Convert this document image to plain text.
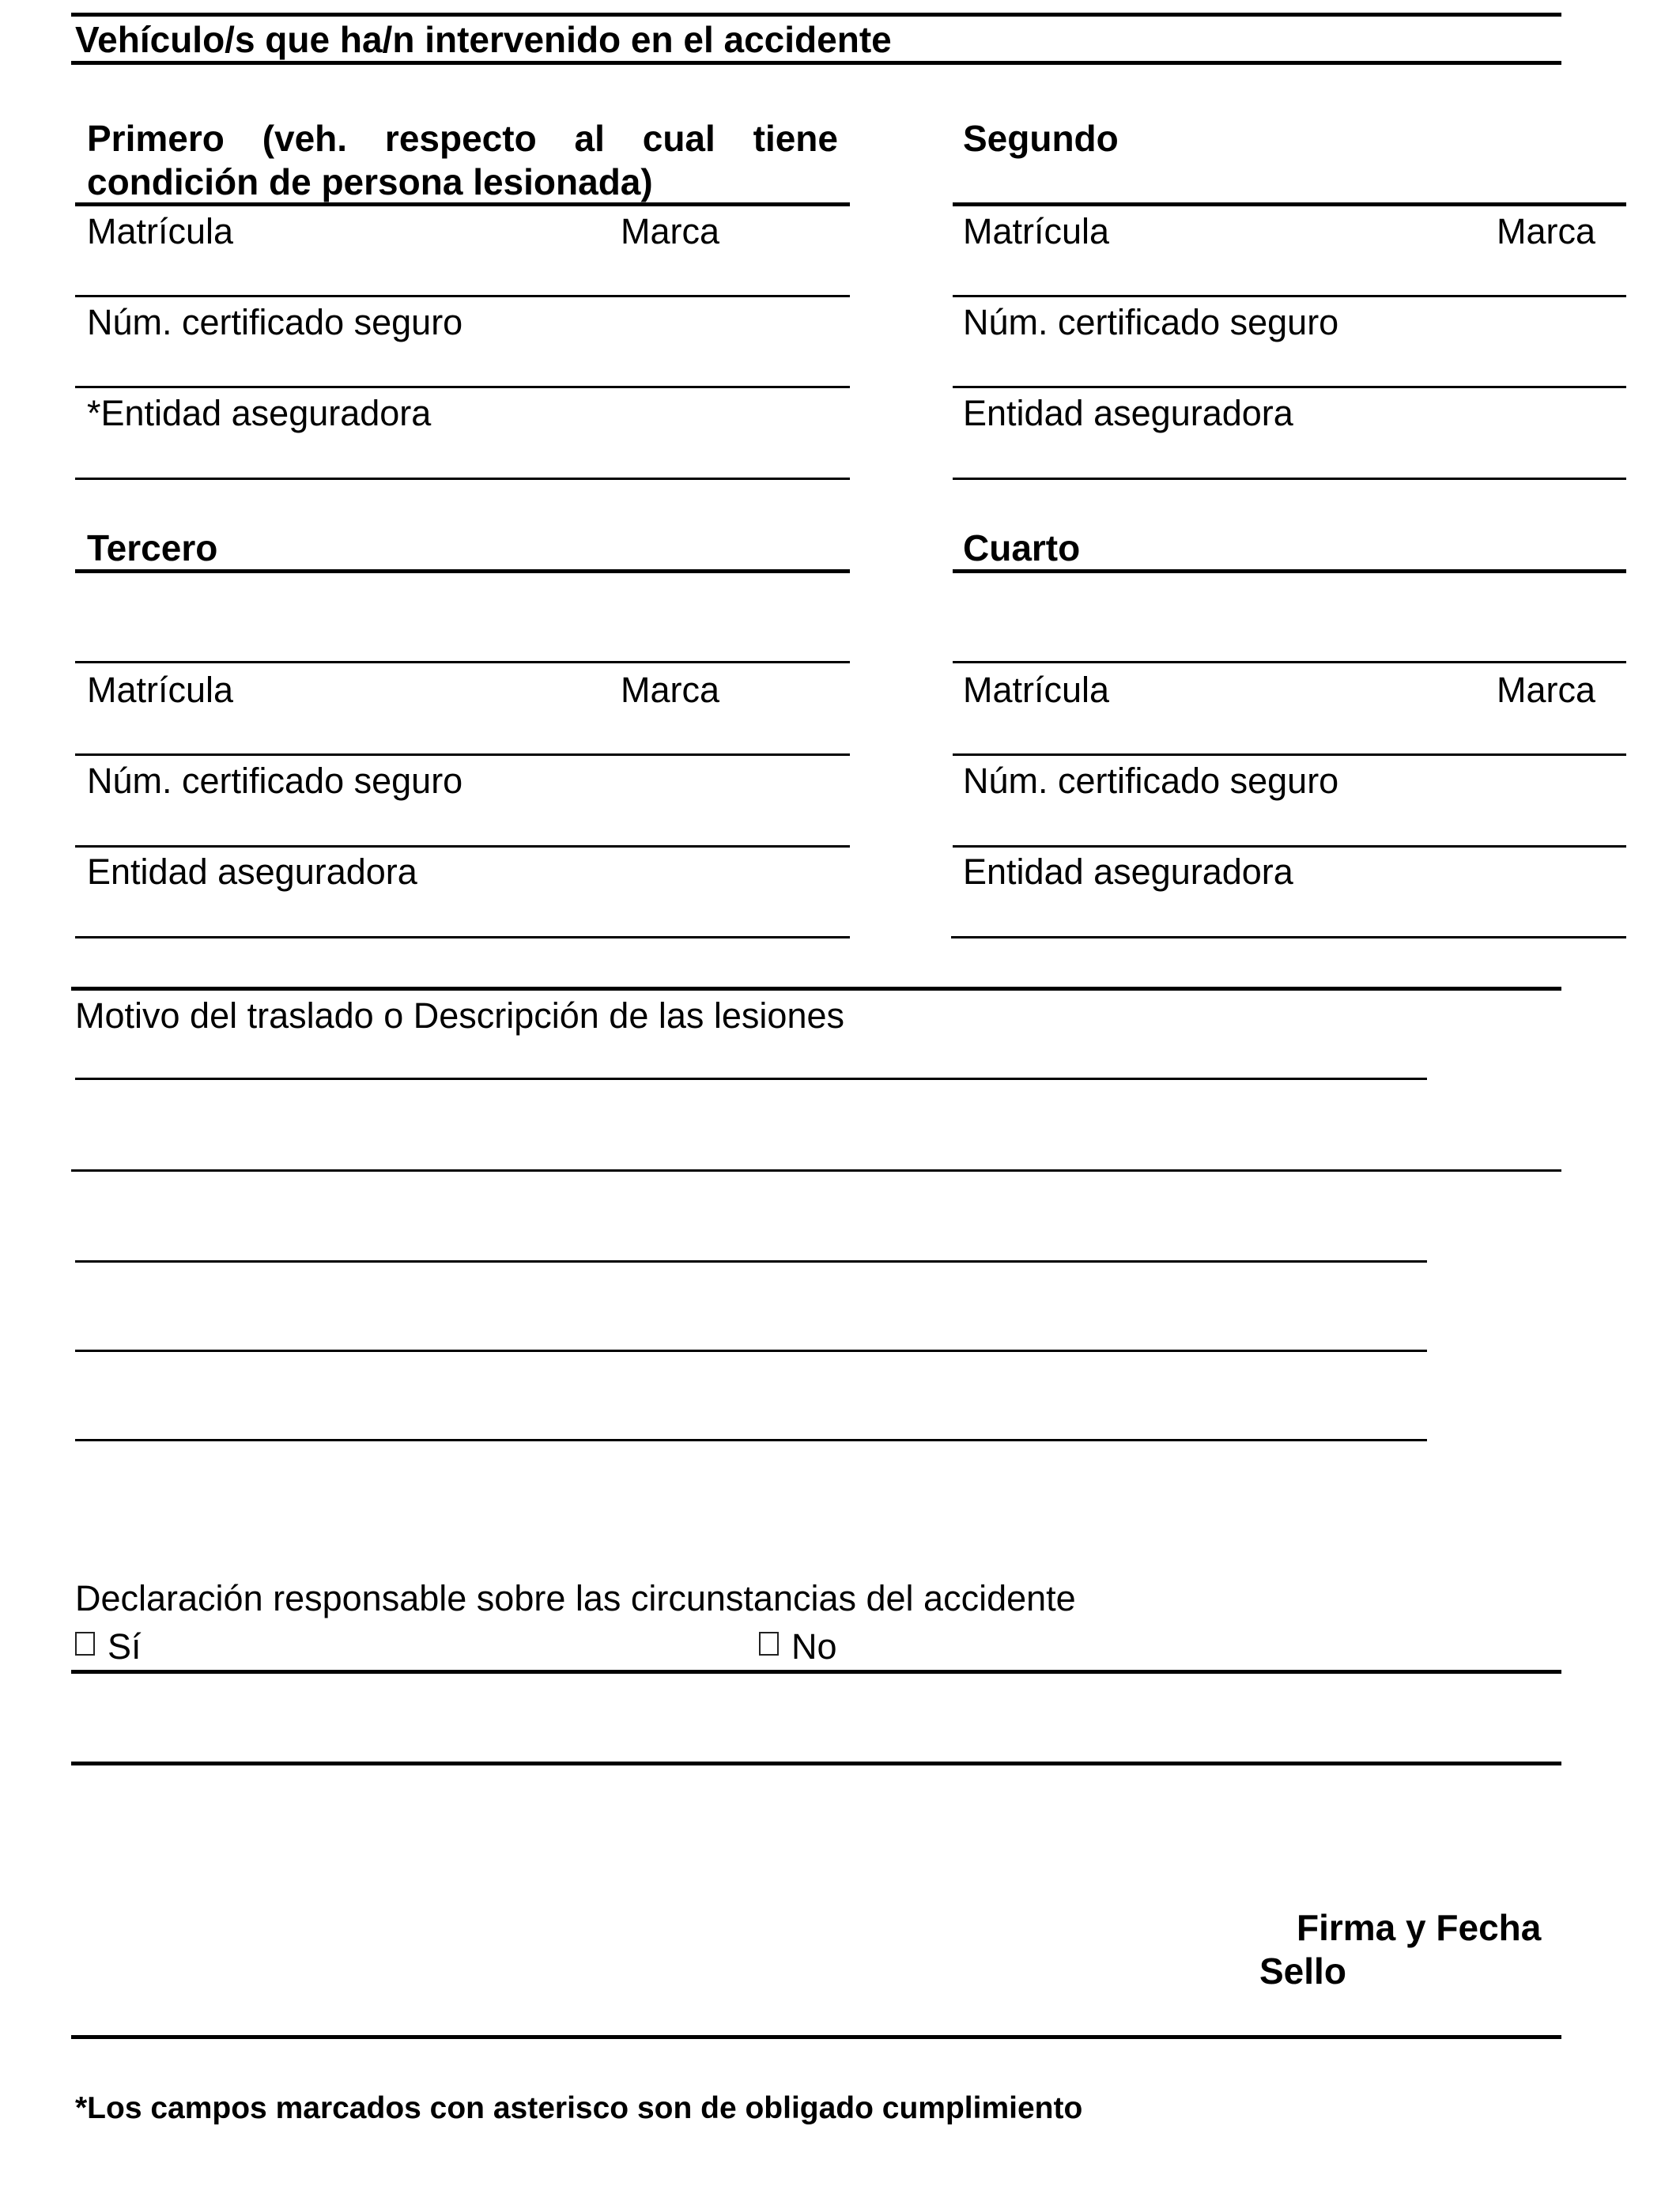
Vehículo/s que ha/n intervenido en el accidente
Primero (veh. respecto al cual tiene
condición de persona lesionada)
Matrícula	Marca
Núm. certificado seguro
*Entidad aseguradora
Segundo
Matrícula	Marca
Núm. certificado seguro
Entidad aseguradora
Tercero
Matrícula	Marca
Núm. certificado seguro
Entidad aseguradora
Cuarto
Matrícula	Marca
Núm. certificado seguro
Entidad aseguradora
Motivo del traslado o Descripción de las lesiones
Declaración responsable sobre las circunstancias del accidente
Sí	No
Firma y Fecha
Sello
*Los campos marcados con asterisco son de obligado cumplimiento
